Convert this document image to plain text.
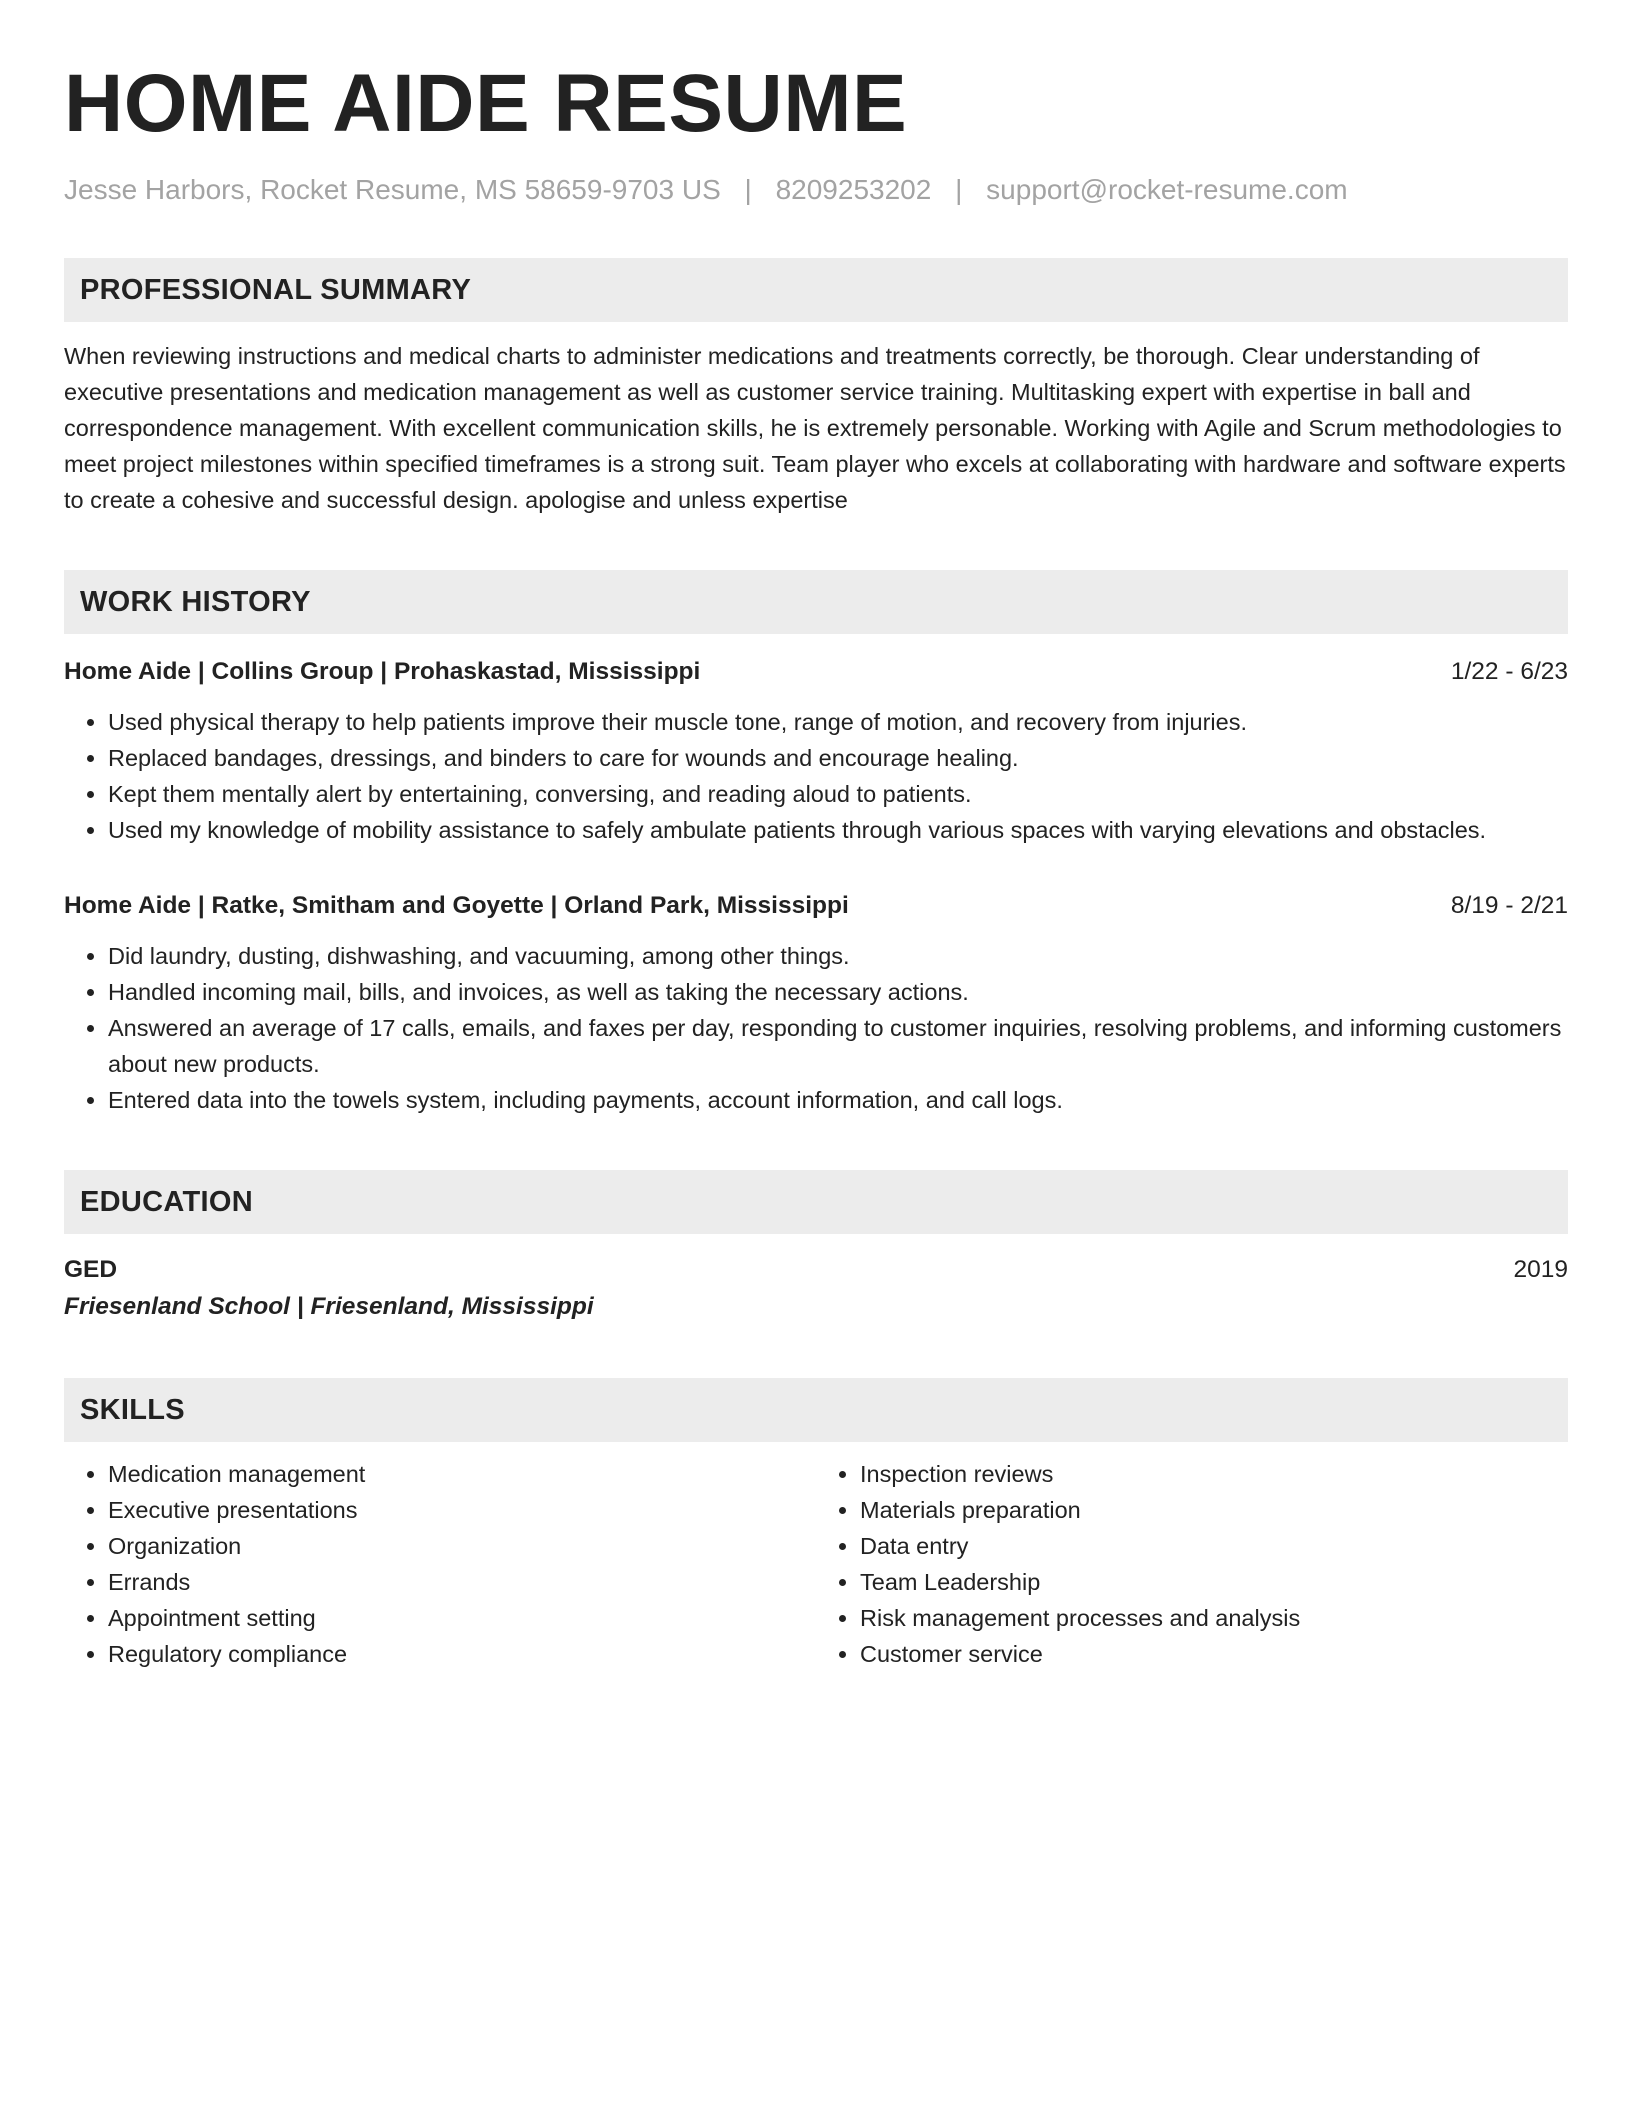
HOME AIDE RESUME
Jesse Harbors, Rocket Resume, MS 58659-9703 US | 8209253202 | support@rocket-resume.com
PROFESSIONAL SUMMARY
When reviewing instructions and medical charts to administer medications and treatments correctly, be thorough. Clear understanding of executive presentations and medication management as well as customer service training. Multitasking expert with expertise in ball and correspondence management. With excellent communication skills, he is extremely personable. Working with Agile and Scrum methodologies to meet project milestones within specified timeframes is a strong suit. Team player who excels at collaborating with hardware and software experts to create a cohesive and successful design. apologise and unless expertise
WORK HISTORY
Home Aide | Collins Group | Prohaskastad, Mississippi	1/22 - 6/23
• Used physical therapy to help patients improve their muscle tone, range of motion, and recovery from injuries.
• Replaced bandages, dressings, and binders to care for wounds and encourage healing.
• Kept them mentally alert by entertaining, conversing, and reading aloud to patients.
• Used my knowledge of mobility assistance to safely ambulate patients through various spaces with varying elevations and obstacles.
Home Aide | Ratke, Smitham and Goyette | Orland Park, Mississippi	8/19 - 2/21
• Did laundry, dusting, dishwashing, and vacuuming, among other things.
• Handled incoming mail, bills, and invoices, as well as taking the necessary actions.
• Answered an average of 17 calls, emails, and faxes per day, responding to customer inquiries, resolving problems, and informing customers about new products.
• Entered data into the towels system, including payments, account information, and call logs.
EDUCATION
GED	2019
Friesenland School | Friesenland, Mississippi
SKILLS
• Medication management
• Executive presentations
• Organization
• Errands
• Appointment setting
• Regulatory compliance
• Inspection reviews
• Materials preparation
• Data entry
• Team Leadership
• Risk management processes and analysis
• Customer service
